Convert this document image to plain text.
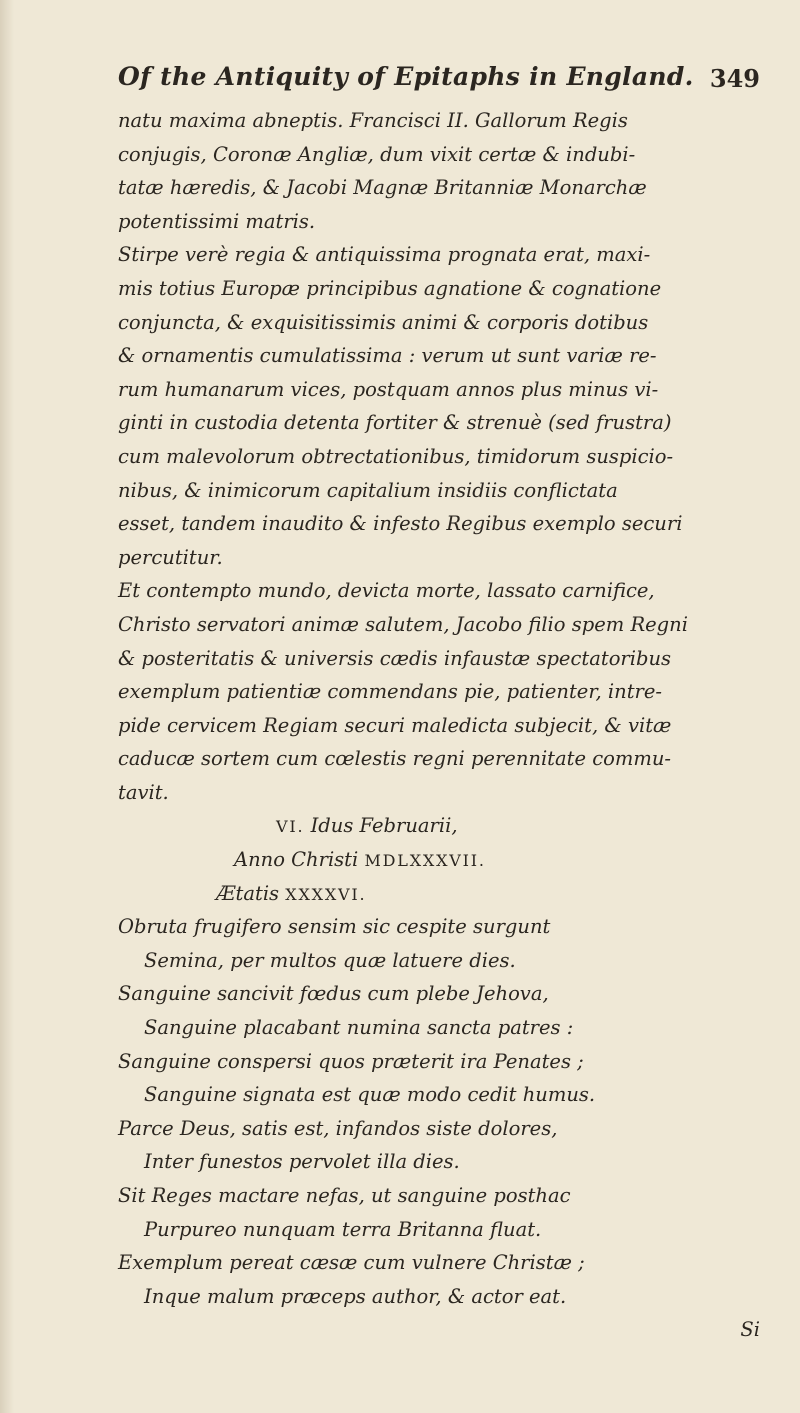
Of the Antiquity of Epitaphs in England. 349
natu maxima abneptis. Francisci II. Gallorum Regis
conjugis, Coronæ Angliæ, dum vixit certæ & indubi-
tatæ hæredis, & Jacobi Magnæ Britanniæ Monarchæ
potentissimi matris.
Stirpe verè regia & antiquissima prognata erat, maxi-
mis totius Europæ principibus agnatione & cognatione
conjuncta, & exquisitissimis animi & corporis dotibus
& ornamentis cumulatissima : verum ut sunt variæ re-
rum humanarum vices, postquam annos plus minus vi-
ginti in custodia detenta fortiter & strenuè (sed frustra)
cum malevolorum obtrectationibus, timidorum suspicio-
nibus, & inimicorum capitalium insidiis conflictata
esset, tandem inaudito & infesto Regibus exemplo securi
percutitur.
Et contempto mundo, devicta morte, lassato carnifice,
Christo servatori animæ salutem, Jacobo filio spem Regni
& posteritatis & universis cædis infaustæ spectatoribus
exemplum patientiæ commendans pie, patienter, intre-
pide cervicem Regiam securi maledicta subjecit, & vitæ
caducæ sortem cum cœlestis regni perennitate commu-
tavit.
VI. Idus Februarii,
Anno Christi MDLXXXVII.
Ætatis XXXXVI.
Obruta frugifero sensim sic cespite surgunt
Semina, per multos quæ latuere dies.
Sanguine sancivit fœdus cum plebe Jehova,
Sanguine placabant numina sancta patres :
Sanguine conspersi quos præterit ira Penates ;
Sanguine signata est quæ modo cedit humus.
Parce Deus, satis est, infandos siste dolores,
Inter funestos pervolet illa dies.
Sit Reges mactare nefas, ut sanguine posthac
Purpureo nunquam terra Britanna fluat.
Exemplum pereat cæsæ cum vulnere Christæ ;
Inque malum præceps author, & actor eat.
Si
